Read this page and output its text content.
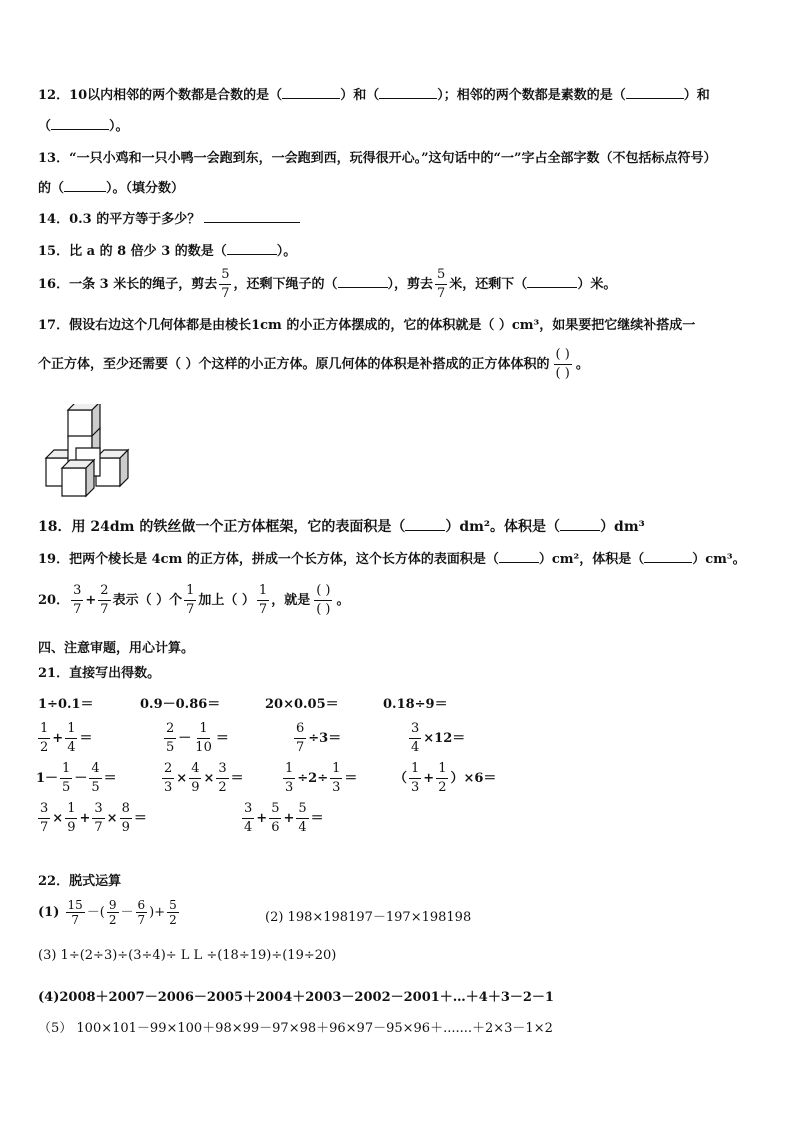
12．10以内相邻的两个数都是合数的是（	）和（	）；相邻的两个数都是素数的是（	）和
（	）。
13．“一只小鸡和一只小鸭一会跑到东，一会跑到西，玩得很开心。”这句话中的“一”字占全部字数（不包括标点符号）
的（	）。（填分数）
14．0.3 的平方等于多少？
15．比 a 的 8 倍少 3 的数是（	）。
16．一条 3 米长的绳子，剪去 $\frac{5}{7}$ ，还剩下绳子的（	），剪去 $\frac{5}{7}$ 米，还剩下（	）米。
17．假设右边这个几何体都是由棱长1cm 的小正方体摆成的，它的体积就是（ ）cm³，如果要把它继续补搭成一
个正方体，至少还需要（ ）个这样的小正方体。原几何体的体积是补搭成的正方体体积的 $\frac{( )}{( )}$ 。
18．用 24dm 的铁丝做一个正方体框架，它的表面积是（	）dm²。体积是（	）dm³
19．把两个棱长是 4cm 的正方体，拼成一个长方体，这个长方体的表面积是（	）cm²，体积是（	）cm³。
20． $\frac{3}{7} + \frac{2}{7}$ 表示（ ）个 $\frac{1}{7}$ 加上（ ） $\frac{1}{7}$ ，就是 $\frac{( )}{( )}$ 。
四、注意审题，用心计算。
21．直接写出得数。
1÷0.1＝	0.9－0.86＝	20×0.05＝	0.18÷9＝
$\frac{1}{2} + \frac{1}{4}$ ＝	$\frac{2}{5} - \frac{1}{10}$ ＝	$\frac{6}{7} \div 3=$	$\frac{3}{4} \times 12=$
$1- \frac{1}{5} - \frac{4}{5}$ ＝	$\frac{2}{3} \times \frac{4}{9} \times \frac{3}{2}$ ＝	$\frac{1}{3} \div 2\div \frac{1}{3}$ ＝	（ $\frac{1}{3} + \frac{1}{2} )\times 6=$
$\frac{3}{7} \times \frac{1}{9} + \frac{3}{7} \times \frac{8}{9}$ ＝	$\frac{3}{4} + \frac{5}{6} + \frac{5}{4}$ ＝
22．脱式运算
$(1) \frac{15}{7}$ －( $\frac{9}{2} - \frac{6}{7}$ )+ $\frac{5}{2}$	(2) 198×198197－197×198198
(3) 1÷(2÷3)÷(3÷4)÷ L L ÷(18÷19)÷(19÷20)
(4)2008＋2007－2006－2005＋2004＋2003－2002－2001＋…＋4＋3－2－1
（5） 100×101－99×100＋98×99－97×98＋96×97－95×96＋.......＋2×3－1×2
